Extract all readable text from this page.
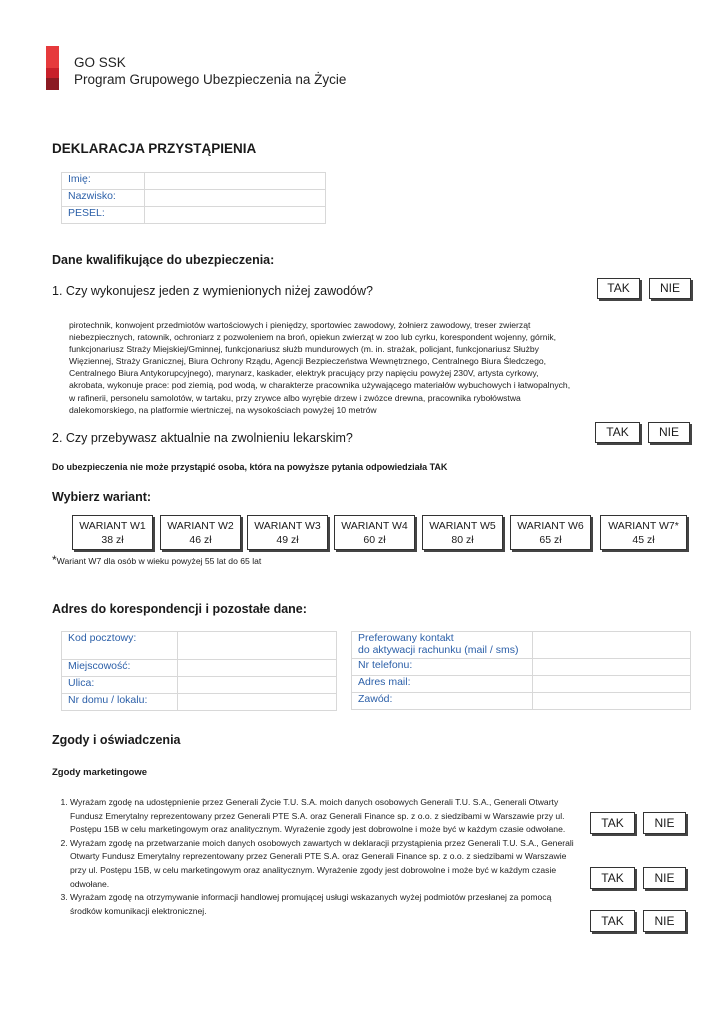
GO SSK
Program Grupowego Ubezpieczenia na Życie
DEKLARACJA PRZYSTĄPIENIA
Imię:	
Nazwisko:	
PESEL:	
Dane kwalifikujące do ubezpieczenia:
1. Czy wykonujesz jeden z wymienionych niżej zawodów?	TAK	NIE
pirotechnik, konwojent przedmiotów wartościowych i pieniędzy, sportowiec zawodowy, żołnierz zawodowy, treser zwierząt niebezpiecznych, ratownik, ochroniarz z pozwoleniem na broń, opiekun zwierząt w zoo lub cyrku, korespondent wojenny, górnik, funkcjonariusz Straży Miejskiej/Gminnej, funkcjonariusz służb mundurowych (m. in. strażak, policjant, funkcjonariusz Służby Więziennej, Straży Granicznej, Biura Ochrony Rządu, Agencji Bezpieczeństwa Wewnętrznego, Centralnego Biura Śledczego, Centralnego Biura Antykorupcyjnego), marynarz, kaskader, elektryk pracujący przy napięciu powyżej 230V, artysta cyrkowy, akrobata, wykonuje prace: pod ziemią, pod wodą, w charakterze pracownika używającego materiałów wybuchowych i łatwopalnych, w rafinerii, personelu samolotów, w tartaku, przy zrywce albo wyrębie drzew i zwózce drewna, pracownika rybołówstwa dalekomorskiego, na platformie wiertniczej, na wysokościach powyżej 10 metrów
2. Czy przebywasz aktualnie na zwolnieniu lekarskim?	TAK	NIE
Do ubezpieczenia nie może przystąpić osoba, która na powyższe pytania odpowiedziała TAK
Wybierz wariant:
WARIANT W1
38 zł
WARIANT W2
46 zł
WARIANT W3
49 zł
WARIANT W4
60 zł
WARIANT W5
80 zł
WARIANT W6
65 zł
WARIANT W7*
45 zł
*Wariant W7 dla osób w wieku powyżej 55 lat do 65 lat
Adres do korespondencji i pozostałe dane:
Kod pocztowy:	
Miejscowość:	
Ulica:	
Nr domu / lokalu:	
Preferowany kontakt
do aktywacji rachunku (mail / sms)	

Nr telefonu:	
Adres mail:	
Zawód:	
Zgody i oświadczenia
Zgody marketingowe
1. Wyrażam zgodę na udostępnienie przez Generali Życie T.U. S.A. moich danych osobowych Generali T.U. S.A., Generali Otwarty Fundusz Emerytalny reprezentowany przez Generali PTE S.A. oraz Generali Finance sp. z o.o. z siedzibami w Warszawie przy ul. Postępu 15B w celu marketingowym oraz analitycznym. Wyrażenie zgody jest dobrowolne i może być w każdym czasie odwołane.
2. Wyrażam zgodę na przetwarzanie moich danych osobowych zawartych w deklaracji przystąpienia przez Generali T.U. S.A., Generali Otwarty Fundusz Emerytalny reprezentowany przez Generali PTE S.A. oraz Generali Finance sp. z o.o. z siedzibami w Warszawie przy ul. Postępu 15B, w celu marketingowym oraz analitycznym. Wyrażenie zgody jest dobrowolne i może być w każdym czasie odwołane.
3. Wyrażam zgodę na otrzymywanie informacji handlowej promującej usługi wskazanych wyżej podmiotów przesłanej za pomocą środków komunikacji elektronicznej.
TAK	NIE
TAK	NIE
TAK	NIE
